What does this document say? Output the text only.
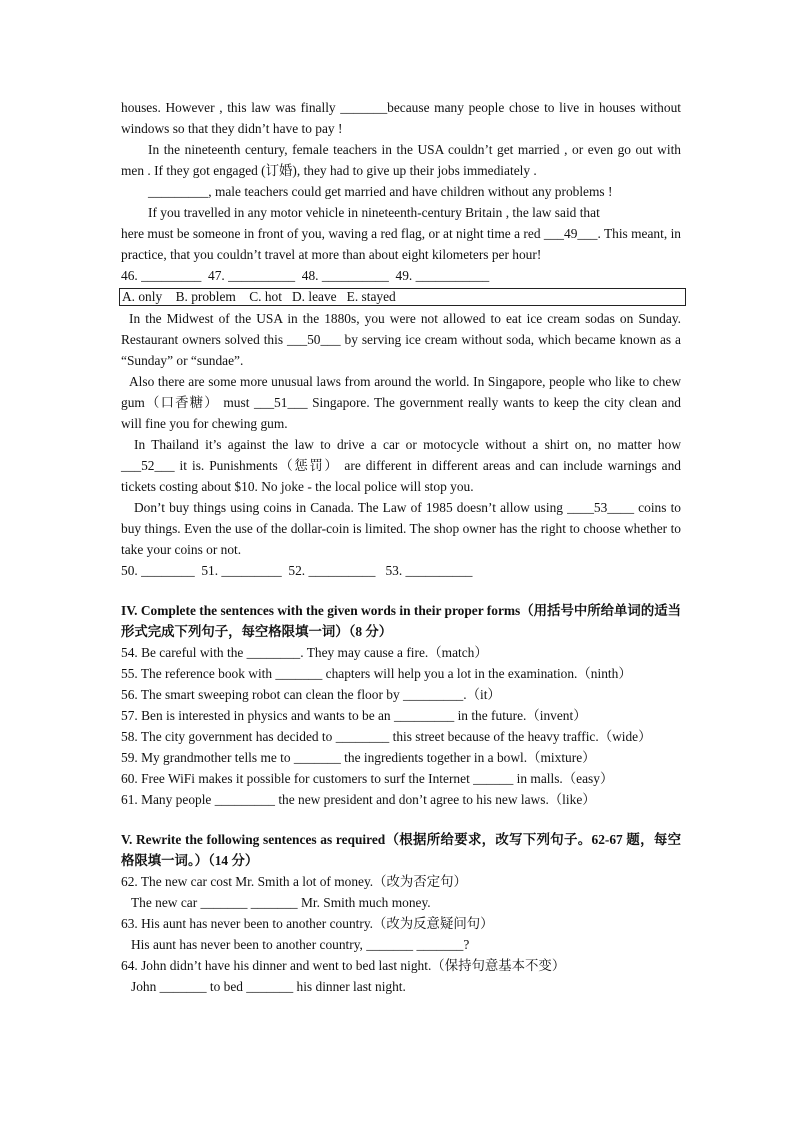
houses. However , this law was finally _______because many people chose to live in houses without windows so that they didn’t have to pay !

In the nineteenth century, female teachers in the USA couldn’t get married , or even go out with men . If they got engaged (订婚), they had to give up their jobs immediately .

_________, male teachers could get married and have children without any problems !

If you travelled in any motor vehicle in nineteenth-century Britain , the law said that

here must be someone in front of you, waving a red flag, or at night time a red ___49___. This meant, in practice, that you couldn’t travel at more than about eight kilometers per hour!

46. _________  47. __________  48. __________  49. ___________

A. only    B. problem    C. hot   D. leave   E. stayed

In the Midwest of the USA in the 1880s, you were not allowed to eat ice cream sodas on Sunday. Restaurant owners solved this ___50___ by serving ice cream without soda, which became known as a “Sunday” or “sundae”.

Also there are some more unusual laws from around the world. In Singapore, people who like to chew gum（口香糖） must ___51___ Singapore. The government really wants to keep the city clean and will fine you for chewing gum.

In Thailand it’s against the law to drive a car or motocycle without a shirt on, no matter how ___52___ it is. Punishments（惩罚） are different in different areas and can include warnings and tickets costing about $10. No joke - the local police will stop you.

Don’t buy things using coins in Canada. The Law of 1985 doesn’t allow using ____53____ coins to buy things. Even the use of the dollar-coin is limited. The shop owner has the right to choose whether to take your coins or not.

50. ________  51. _________  52. __________   53. __________

IV. Complete the sentences with the given words in their proper forms（用括号中所给单词的适当形式完成下列句子，每空格限填一词）（8 分）

54. Be careful with the ________. They may cause a fire.（match）

55. The reference book with _______ chapters will help you a lot in the examination.（ninth）

56. The smart sweeping robot can clean the floor by _________.（it）

57. Ben is interested in physics and wants to be an _________ in the future.（invent）

58. The city government has decided to ________ this street because of the heavy traffic.（wide）

59. My grandmother tells me to _______ the ingredients together in a bowl.（mixture）

60. Free WiFi makes it possible for customers to surf the Internet ______ in malls.（easy）

61. Many people _________ the new president and don’t agree to his new laws.（like）

V. Rewrite the following sentences as required（根据所给要求，改写下列句子。62-67 题，每空格限填一词。）（14 分）

62. The new car cost Mr. Smith a lot of money.（改为否定句）

The new car _______ _______ Mr. Smith much money.

63. His aunt has never been to another country.（改为反意疑问句）

His aunt has never been to another country, _______ _______?

64. John didn’t have his dinner and went to bed last night.（保持句意基本不变）

John _______ to bed _______ his dinner last night.
